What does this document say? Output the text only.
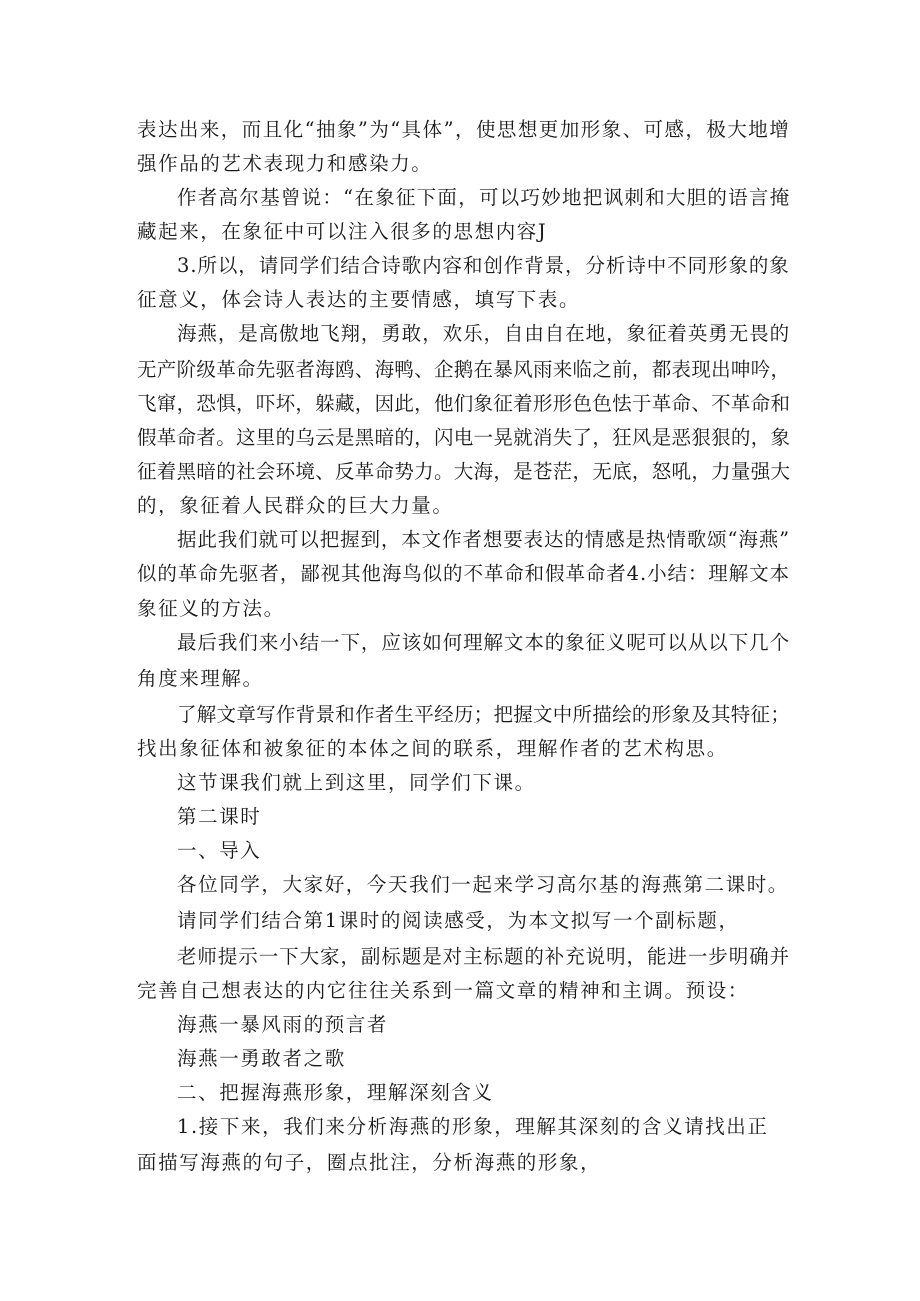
表达出来，而且化“抽象”为“具体”，使思想更加形象、可感，极大地增
强作品的艺术表现力和感染力。
作者高尔基曾说：“在象征下面，可以巧妙地把讽刺和大胆的语言掩
藏起来，在象征中可以注入很多的思想内容J
3.所以，请同学们结合诗歌内容和创作背景，分析诗中不同形象的象
征意义，体会诗人表达的主要情感，填写下表。
海燕，是高傲地飞翔，勇敢，欢乐，自由自在地，象征着英勇无畏的
无产阶级革命先驱者海鸥、海鸭、企鹅在暴风雨来临之前，都表现出呻吟，
飞窜，恐惧，吓坏，躲藏，因此，他们象征着形形色色怯于革命、不革命和
假革命者。这里的乌云是黑暗的，闪电一晃就消失了，狂风是恶狠狠的，象
征着黑暗的社会环境、反革命势力。大海，是苍茫，无底，怒吼，力量强大
的，象征着人民群众的巨大力量。
据此我们就可以把握到，本文作者想要表达的情感是热情歌颂“海燕”
似的革命先驱者，鄙视其他海鸟似的不革命和假革命者4.小结：理解文本
象征义的方法。
最后我们来小结一下，应该如何理解文本的象征义呢可以从以下几个
角度来理解。
了解文章写作背景和作者生平经历；把握文中所描绘的形象及其特征；
找出象征体和被象征的本体之间的联系，理解作者的艺术构思。
这节课我们就上到这里，同学们下课。
第二课时
一、导入
各位同学，大家好，今天我们一起来学习高尔基的海燕第二课时。
请同学们结合第1课时的阅读感受，为本文拟写一个副标题，
老师提示一下大家，副标题是对主标题的补充说明，能进一步明确并
完善自己想表达的内它往往关系到一篇文章的精神和主调。预设：
海燕一暴风雨的预言者
海燕一勇敢者之歌
二、把握海燕形象，理解深刻含义
1.接下来，我们来分析海燕的形象，理解其深刻的含义请找出正
面描写海燕的句子，圈点批注，分析海燕的形象，
